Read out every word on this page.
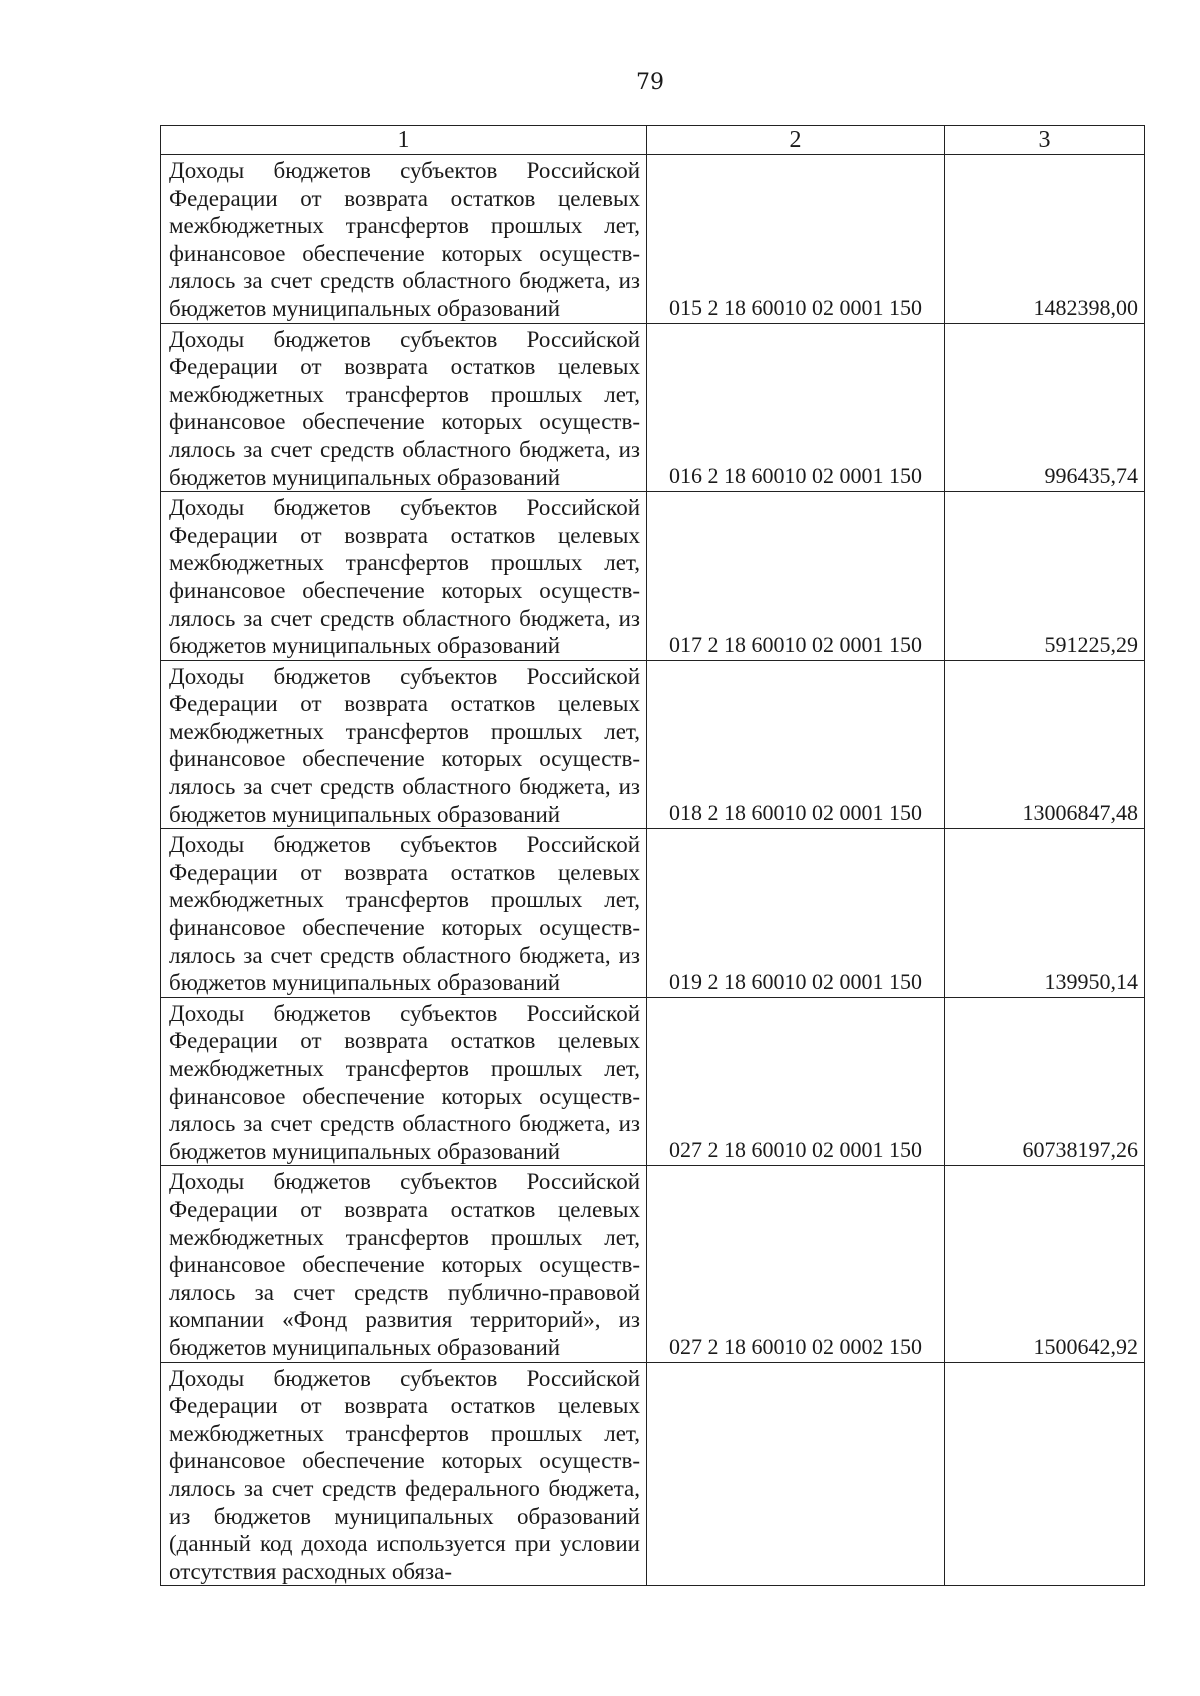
79
1	2	3
Доходы бюджетов субъектов Российской Федерации от возврата остатков целевых межбюджетных трансфертов прошлых лет, финансовое обеспечение которых осуществлялось за счет средств областного бюджета, из бюджетов муниципальных образований	015 2 18 60010 02 0001 150	1482398,00
Доходы бюджетов субъектов Российской Федерации от возврата остатков целевых межбюджетных трансфертов прошлых лет, финансовое обеспечение которых осуществлялось за счет средств областного бюджета, из бюджетов муниципальных образований	016 2 18 60010 02 0001 150	996435,74
Доходы бюджетов субъектов Российской Федерации от возврата остатков целевых межбюджетных трансфертов прошлых лет, финансовое обеспечение которых осуществлялось за счет средств областного бюджета, из бюджетов муниципальных образований	017 2 18 60010 02 0001 150	591225,29
Доходы бюджетов субъектов Российской Федерации от возврата остатков целевых межбюджетных трансфертов прошлых лет, финансовое обеспечение которых осуществлялось за счет средств областного бюджета, из бюджетов муниципальных образований	018 2 18 60010 02 0001 150	13006847,48
Доходы бюджетов субъектов Российской Федерации от возврата остатков целевых межбюджетных трансфертов прошлых лет, финансовое обеспечение которых осуществлялось за счет средств областного бюджета, из бюджетов муниципальных образований	019 2 18 60010 02 0001 150	139950,14
Доходы бюджетов субъектов Российской Федерации от возврата остатков целевых межбюджетных трансфертов прошлых лет, финансовое обеспечение которых осуществлялось за счет средств областного бюджета, из бюджетов муниципальных образований	027 2 18 60010 02 0001 150	60738197,26
Доходы бюджетов субъектов Российской Федерации от возврата остатков целевых межбюджетных трансфертов прошлых лет, финансовое обеспечение которых осуществлялось за счет средств публично-правовой компании «Фонд развития территорий», из бюджетов муниципальных образований	027 2 18 60010 02 0002 150	1500642,92
Доходы бюджетов субъектов Российской Федерации от возврата остатков целевых межбюджетных трансфертов прошлых лет, финансовое обеспечение которых осуществлялось за счет средств федерального бюджета, из бюджетов муниципальных образований (данный код дохода используется при условии отсутствия расходных обяза-		
